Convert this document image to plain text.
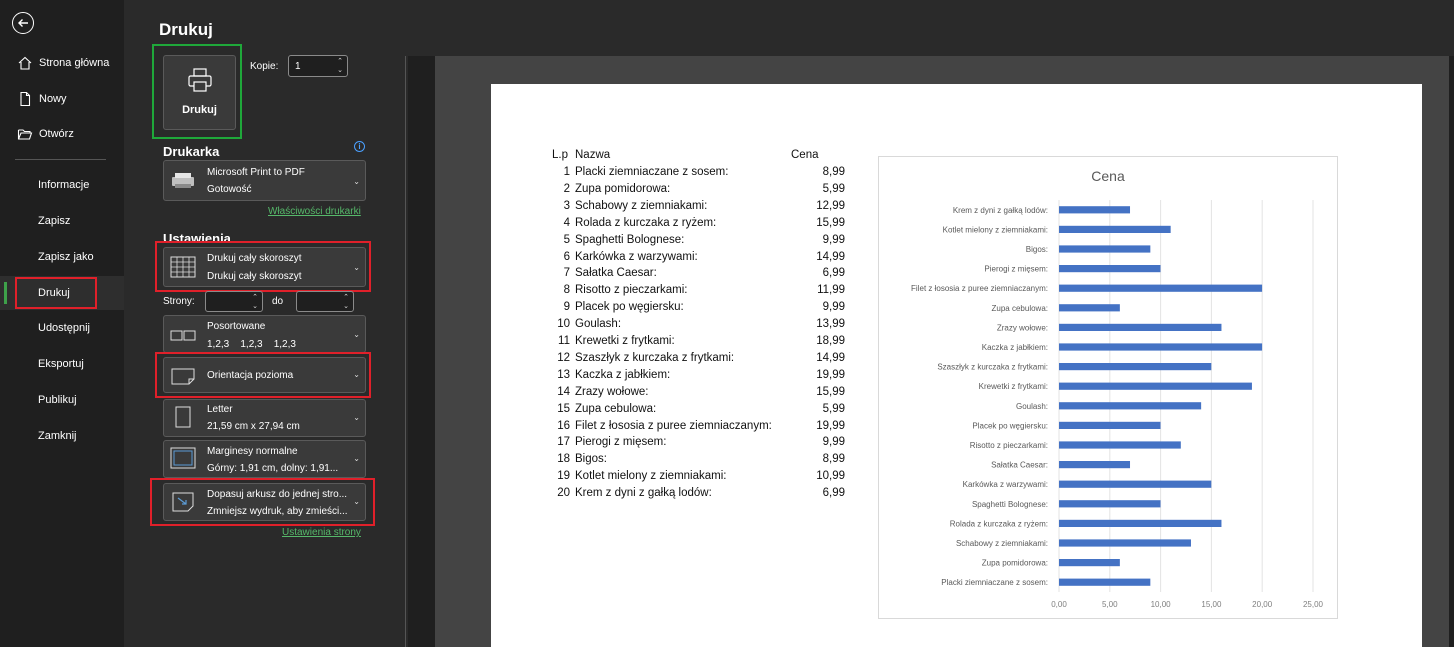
Strona główna
Nowy
Otwórz
Informacje
Zapisz
Zapisz jako
Drukuj
Udostępnij
Eksportuj
Publikuj
Zamknij
Drukuj
Drukuj
Kopie: 1	⌃
⌄
Drukarka	i
Microsoft Print to PDF
Gotowość
⌄
Właściwości drukarki
Ustawienia
Drukuj cały skoroszyt
Drukuj cały skoroszyt
⌄
Strony:	⌃
⌄ do	⌃
⌄
Posortowane
1,2,3    1,2,3    1,2,3
⌄
Orientacja pozioma	⌄
Letter
21,59 cm x 27,94 cm
⌄
Marginesy normalne
Górny: 1,91 cm, dolny: 1,91...
⌄
Dopasuj arkusz do jednej stro...
Zmniejsz wydruk, aby zmieści...
⌄
Ustawienia strony
L.p Nazwa	Cena
1 Placki ziemniaczane z sosem:	8,99
2 Zupa pomidorowa:	5,99
3 Schabowy z ziemniakami:	12,99
4 Rolada z kurczaka z ryżem:	15,99
5 Spaghetti Bolognese:	9,99
6 Karkówka z warzywami:	14,99
7 Sałatka Caesar:	6,99
8 Risotto z pieczarkami:	11,99
9 Placek po węgiersku:	9,99
10 Goulash:	13,99
11 Krewetki z frytkami:	18,99
12 Szaszłyk z kurczaka z frytkami:	14,99
13 Kaczka z jabłkiem:	19,99
14 Zrazy wołowe:	15,99
15 Zupa cebulowa:	5,99
16 Filet z łososia z puree ziemniaczanym:	19,99
17 Pierogi z mięsem:	9,99
18 Bigos:	8,99
19 Kotlet mielony z ziemniakami:	10,99
20 Krem z dyni z gałką lodów:	6,99
Cena
0,00	5,00	10,00	15,00	20,00	25,00
Krem z dyni z gałką lodów:
Kotlet mielony z ziemniakami:
Bigos:
Pierogi z mięsem:
Filet z łososia z puree ziemniaczanym:
Zupa cebulowa:
Zrazy wołowe:
Kaczka z jabłkiem:
Szaszłyk z kurczaka z frytkami:
Krewetki z frytkami:
Goulash:
Placek po węgiersku:
Risotto z pieczarkami:
Sałatka Caesar:
Karkówka z warzywami:
Spaghetti Bolognese:
Rolada z kurczaka z ryżem:
Schabowy z ziemniakami:
Zupa pomidorowa:
Placki ziemniaczane z sosem:
